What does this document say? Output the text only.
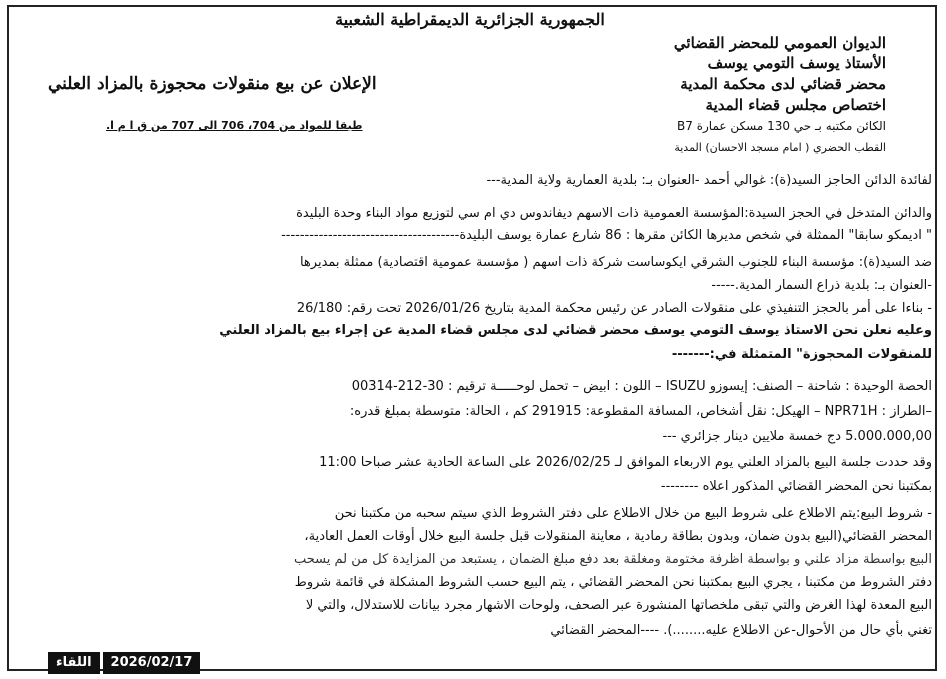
الجمهورية الجزائرية الديمقراطية الشعبية
الديوان العمومي للمحضر القضائي
الأستاذ يوسف التومي يوسف
محضر قضائي لدى محكمة المدية
اختصاص مجلس قضاء المدية
الكائن مكتبه بـ حي 130 مسكن عمارة B7
القطب الحضري ( امام مسجد الاحسان) المدية
الإعلان عن بيع منقولات محجوزة بالمزاد العلني
طبقا للمواد من 704، 706 الى 707 من ق ا م ا.
لفائدة الدائن الحاجز السيد(ة): غوالي أحمد -العنوان بـ: بلدية العمارية ولاية المدية---
والدائن المتدخل في الحجز السيدة:المؤسسة العمومية ذات الاسهم ديفاندوس دي ام سي لتوزيع مواد البناء وحدة البليدة
" اديمكو سابقا" الممثلة في شخص مديرها الكائن مقرها : 86 شارع عمارة يوسف البليدة--------------------------------------
ضد السيد(ة): مؤسسة البناء للجنوب الشرقي ايكوساست شركة ذات اسهم ( مؤسسة عمومية اقتصادية) ممثلة بمديرها
-العنوان بـ: بلدية ذراع السمار المدية.-----
- بناءا على أمر بالحجز التنفيذي على منقولات الصادر عن رئيس محكمة المدية بتاريخ 2026/01/26 تحت رقم: 26/180
وعليه نعلن نحن الاستاذ يوسف التومي يوسف محضر قضائي لدى مجلس قضاء المدية عن إجراء بيع بالمزاد العلني
للمنقولات المحجوزة" المتمثلة في:-------
الحصة الوحيدة : شاحنة – الصنف: إيسوزو ISUZU – اللون : ابيض – تحمل لوحـــــة ترقيم : 30-212-00314
–الطراز : NPR71H – الهيكل: نقل أشخاص، المسافة المقطوعة: 291915 كم ، الحالة: متوسطة بمبلغ قدره:
5.000.000,00 دج خمسة ملايين دينار جزائري ---
وقد حددت جلسة البيع بالمزاد العلني يوم الاربعاء الموافق لـ 2026/02/25 على الساعة الحادية عشر صباحا 11:00
بمكتبنا نحن المحضر القضائي المذكور اعلاه --------
- شروط البيع:يتم الاطلاع على شروط البيع من خلال الاطلاع على دفتر الشروط الذي سيتم سحبه من مكتبنا نحن
المحضر القضائي(البيع بدون ضمان، وبدون بطاقة رمادية ، معاينة المنقولات قبل جلسة البيع خلال أوقات العمل العادية،
البيع بواسطة مزاد علني و بواسطة اظرفة مختومة ومغلقة بعد دفع مبلغ الضمان ، يستبعد من المزايدة كل من لم يسحب
دفتر الشروط من مكتبنا ، يجري البيع بمكتبنا نحن المحضر القضائي ، يتم البيع حسب الشروط المشكلة في قائمة شروط
البيع المعدة لهذا الغرض والتي تبقى ملخصاتها المنشورة عبر الصحف، ولوحات الاشهار مجرد بيانات للاستدلال، والتي لا
تغني بأي حال من الأحوال-عن الاطلاع عليه........). ----المحضر القضائي
اللقاء	2026/02/17
